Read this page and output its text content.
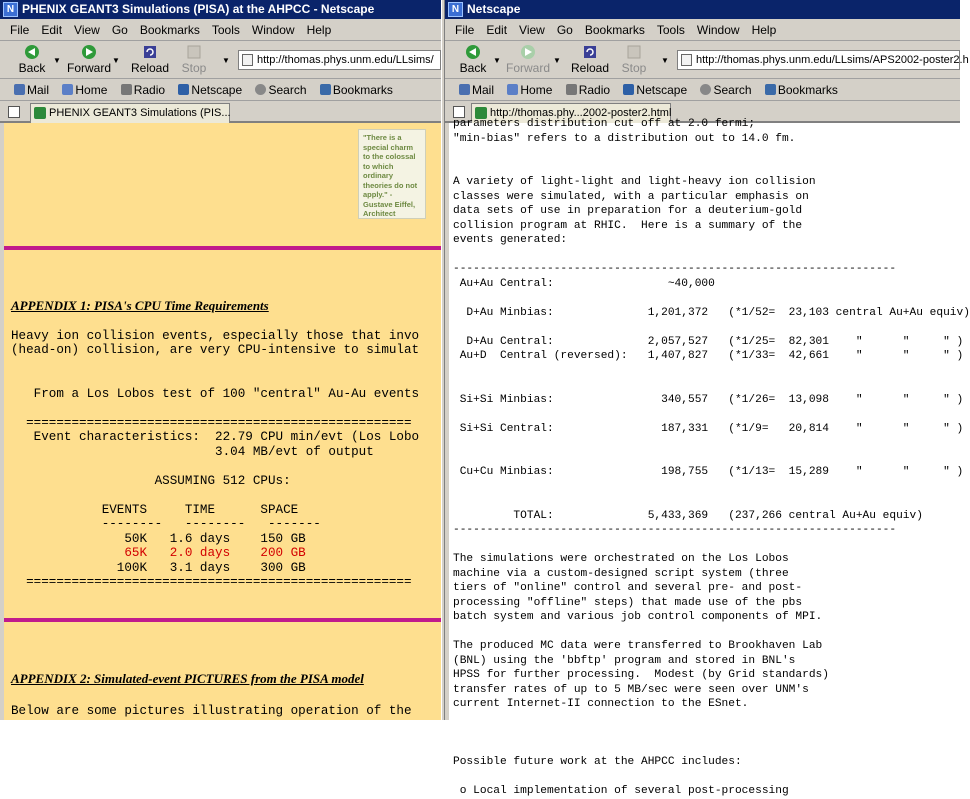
N PHENIX GEANT3 Simulations (PISA) at the AHPCC - Netscape
File Edit View Go Bookmarks Tools Window Help
Back
▼
Forward
▼
Reload	Stop
▼	http://thomas.phys.unm.edu/LLsims/
Mail Home Radio Netscape Search Bookmarks
PHENIX GEANT3 Simulations (PIS...
"There is a special charm to the colossal to which ordinary theories do not apply." - Gustave Eiffel, Architect
APPENDIX 1: PISA's CPU Time Requirements
Heavy ion collision events, especially those that invo
(head-on) collision, are very CPU-intensive to simulat
From a Los Lobos test of 100 "central" Au-Au events
===================================================
Event characteristics:  22.79 CPU min/evt (Los Lobo
3.04 MB/evt of output
ASSUMING 512 CPUs:
EVENTS     TIME      SPACE
--------   --------   -------
50K   1.6 days    150 GB
65K   2.0 days    200 GB
100K   3.1 days    300 GB
===================================================
APPENDIX 2: Simulated-event PICTURES from the PISA model
Below are some pictures illustrating operation of the
N Netscape
File Edit View Go Bookmarks Tools Window Help
Back
▼
Forward
▼
Reload	Stop
▼	http://thomas.phys.unm.edu/LLsims/APS2002-poster2.h
Mail Home Radio Netscape Search Bookmarks
http://thomas.phy...2002-poster2.html
parameters distribution cut off at 2.0 fermi;
"min-bias" refers to a distribution out to 14.0 fm.

A variety of light-light and light-heavy ion collision
classes were simulated, with a particular emphasis on
data sets of use in preparation for a deuterium-gold
collision program at RHIC.  Here is a summary of the
events generated:

------------------------------------------------------------------
Au+Au Central:                 ~40,000

D+Au Minbias:              1,201,372   (*1/52=  23,103 central Au+Au equiv)

D+Au Central:              2,057,527   (*1/25=  82,301    "      "     " )
Au+D  Central (reversed):   1,407,827   (*1/33=  42,661    "      "     " )

Si+Si Minbias:                340,557   (*1/26=  13,098    "      "     " )

Si+Si Central:                187,331   (*1/9=   20,814    "      "     " )

Cu+Cu Minbias:                198,755   (*1/13=  15,289    "      "     " )

TOTAL:              5,433,369   (237,266 central Au+Au equiv)
------------------------------------------------------------------

The simulations were orchestrated on the Los Lobos
machine via a custom-designed script system (three
tiers of "online" control and several pre- and post-
processing "offline" steps) that made use of the pbs
batch system and various job control components of MPI.

The produced MC data were transferred to Brookhaven Lab
(BNL) using the 'bbftp' program and stored in BNL's
HPSS for further processing.  Modest (by Grid standards)
transfer rates of up to 5 MB/sec were seen over UNM's
current Internet-II connection to the ESnet.

Possible future work at the AHPCC includes:

o Local implementation of several post-processing
